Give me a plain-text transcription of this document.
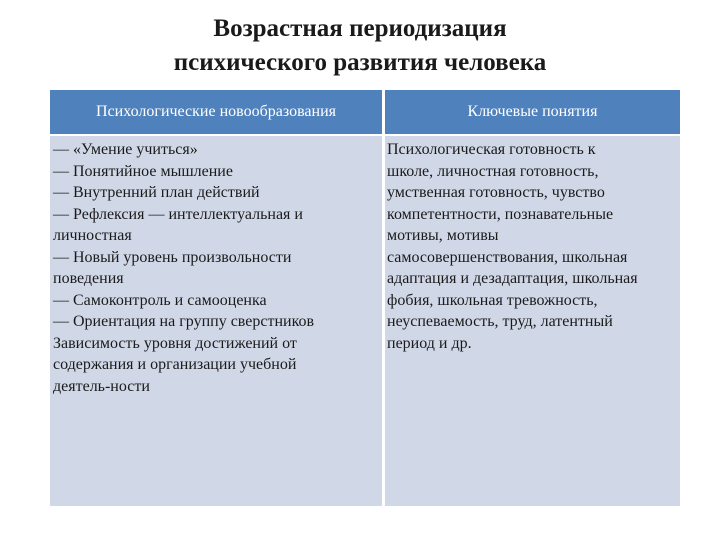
Возрастная периодизация
психического развития человека
Психологические новообразования	Ключевые понятия
— «Умение учиться»
— Понятийное мышление
— Внутренний план действий
— Рефлексия — интеллектуальная и
личностная
— Новый уровень произвольности
поведения
— Самоконтроль и самооценка
— Ориентация на группу сверстников
Зависимость уровня достижений от
содержания и организации учебной
деятель-ности
Психологическая готовность к
школе, личностная готовность,
умственная готовность, чувство
компетентности, познавательные
мотивы, мотивы
самосовершенствования, школьная
адаптация и дезадаптация, школьная
фобия, школьная тревожность,
неуспеваемость, труд, латентный
период и др.
